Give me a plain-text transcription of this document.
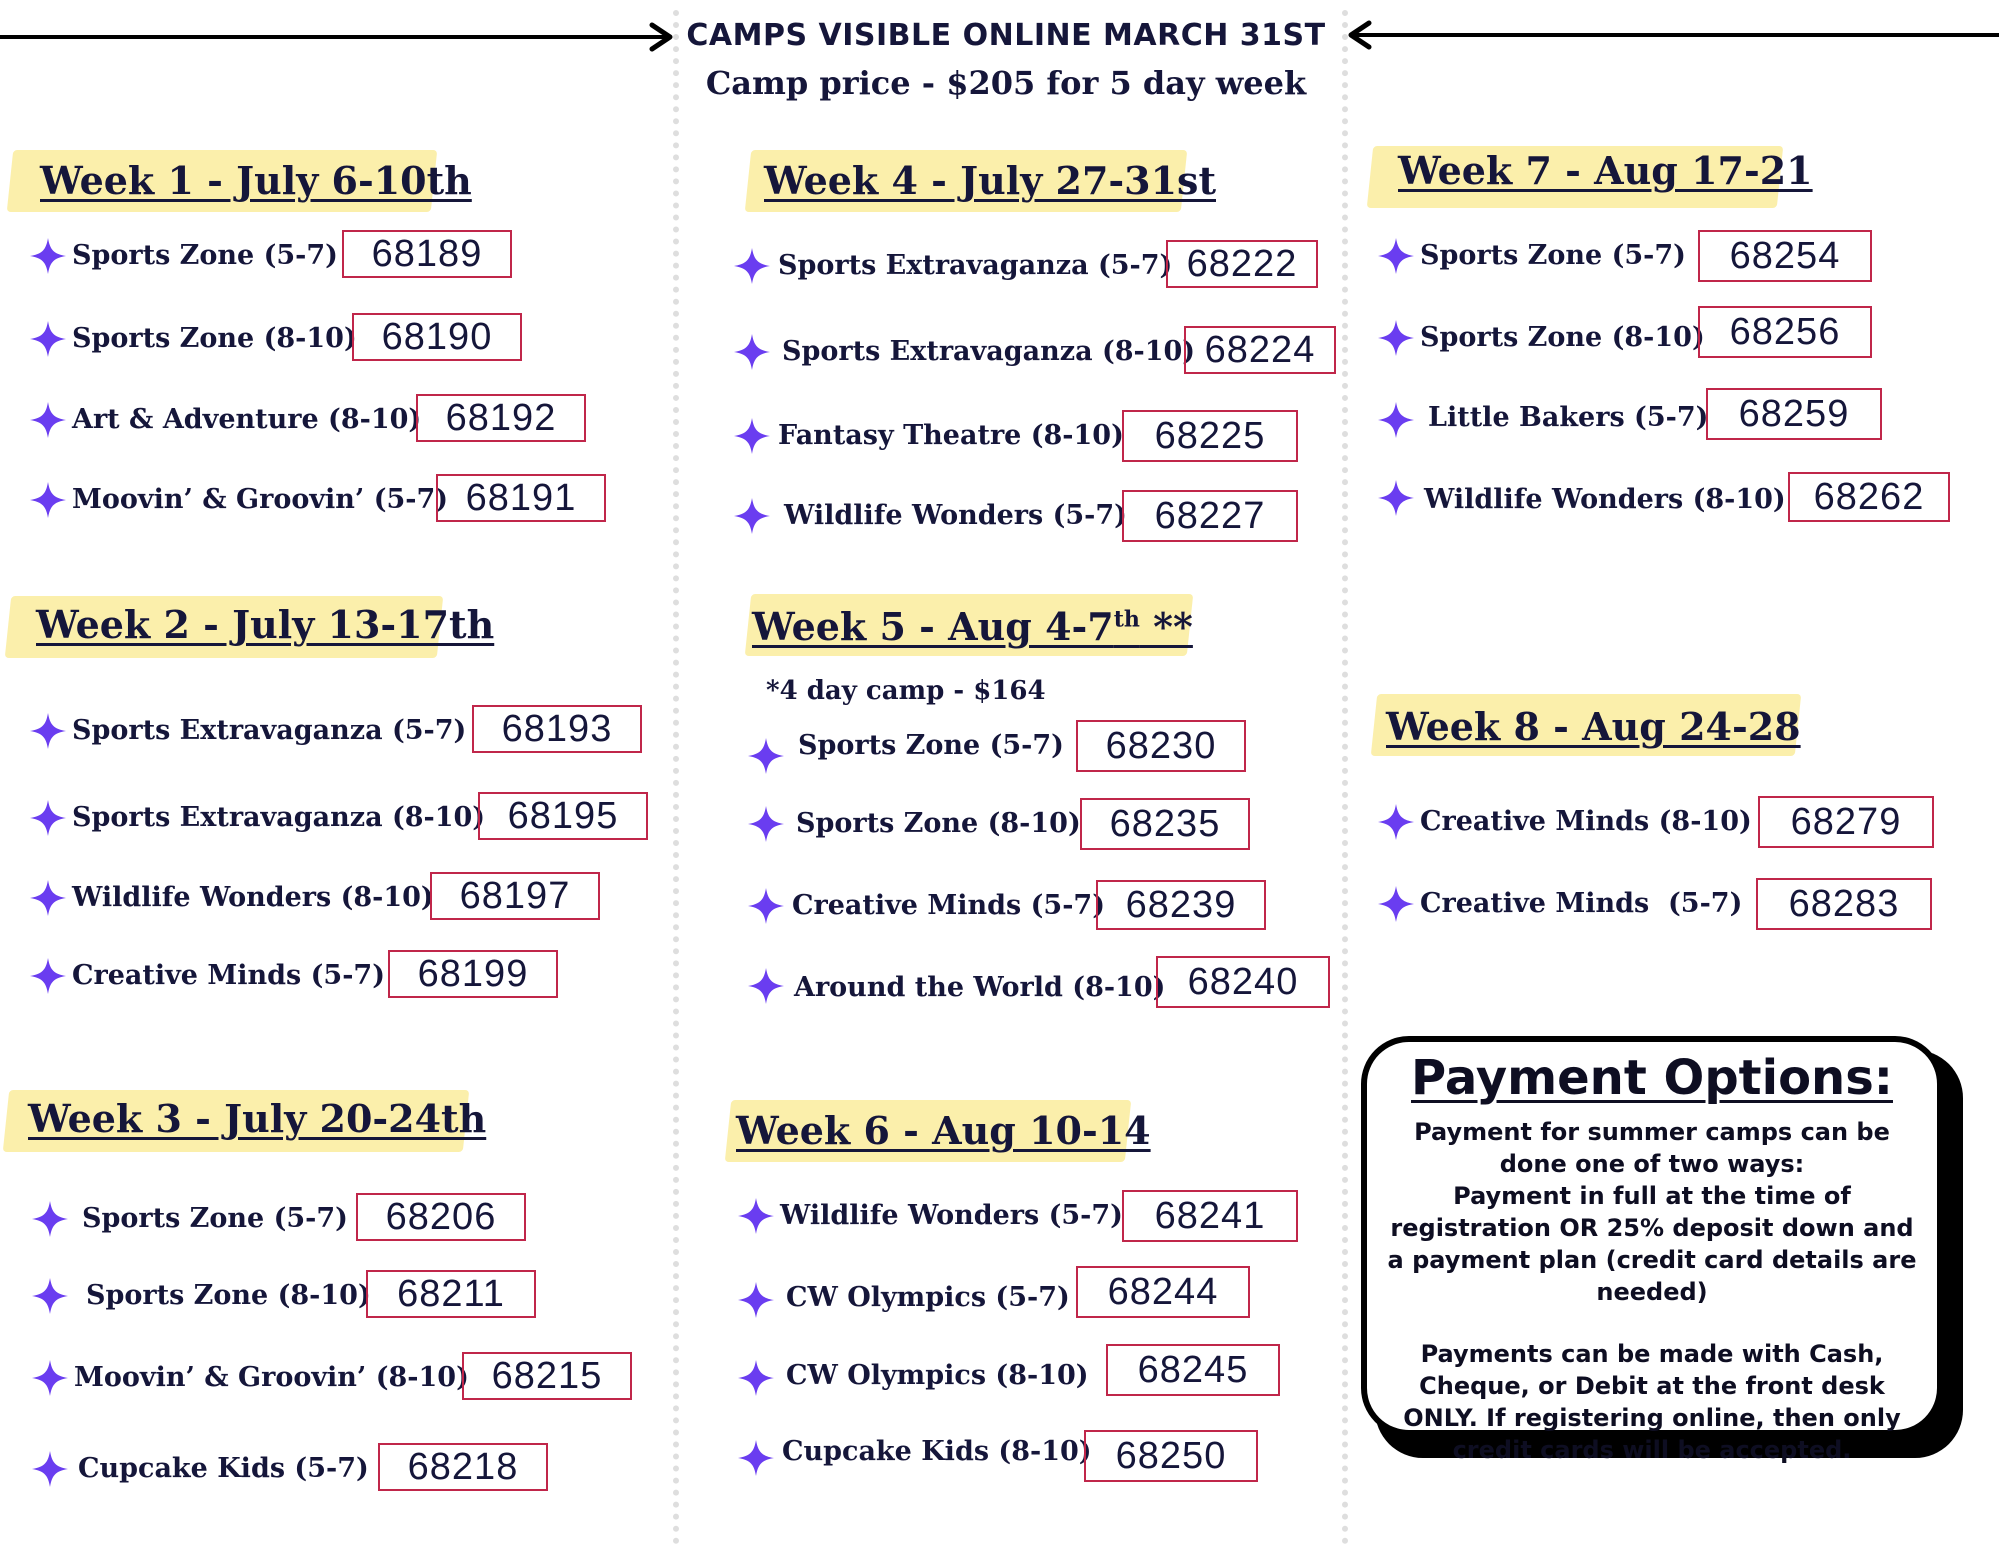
CAMPS VISIBLE ONLINE MARCH 31ST
Camp price - $205 for 5 day week
Week 1 - July 6-10th
Sports Zone (5-7) 68189
Sports Zone (8-10) 68190
Art & Adventure (8-10) 68192
Moovin’ & Groovin’ (5-7) 68191
Week 2 - July 13-17th
Sports Extravaganza (5-7) 68193
Sports Extravaganza (8-10) 68195
Wildlife Wonders (8-10) 68197
Creative Minds (5-7) 68199
Week 3 - July 20-24th
Sports Zone (5-7) 68206
Sports Zone (8-10) 68211
Moovin’ & Groovin’ (8-10) 68215
Cupcake Kids (5-7)	68218
Week 4 - July 27-31st
Sports Extravaganza (5-7) 68222
Sports Extravaganza (8-10) 68224
Fantasy Theatre (8-10) 68225
Wildlife Wonders (5-7) 68227
Week 5 - Aug 4-7th **
*4 day camp - $164
Sports Zone (5-7)	68230
Sports Zone (8-10) 68235
Creative Minds (5-7) 68239
Around the World (8-10) 68240
Week 6 - Aug 10-14
Wildlife Wonders (5-7) 68241
CW Olympics (5-7) 68244
CW Olympics (8-10)	68245
Cupcake Kids (8-10) 68250
Week 7 - Aug 17-21
Sports Zone (5-7)	68254
Sports Zone (8-10) 68256
Little Bakers (5-7) 68259
Wildlife Wonders (8-10) 68262
Week 8 - Aug 24-28
Creative Minds (8-10)	68279
Creative Minds  (5-7)	68283
Payment Options:
Payment for summer camps can be done one of two ways:
Payment in full at the time of registration OR 25% deposit down and a payment plan (credit card details are needed)
Payments can be made with Cash, Cheque, or Debit at the front desk ONLY. If registering online, then only credit cards will be accepted.
